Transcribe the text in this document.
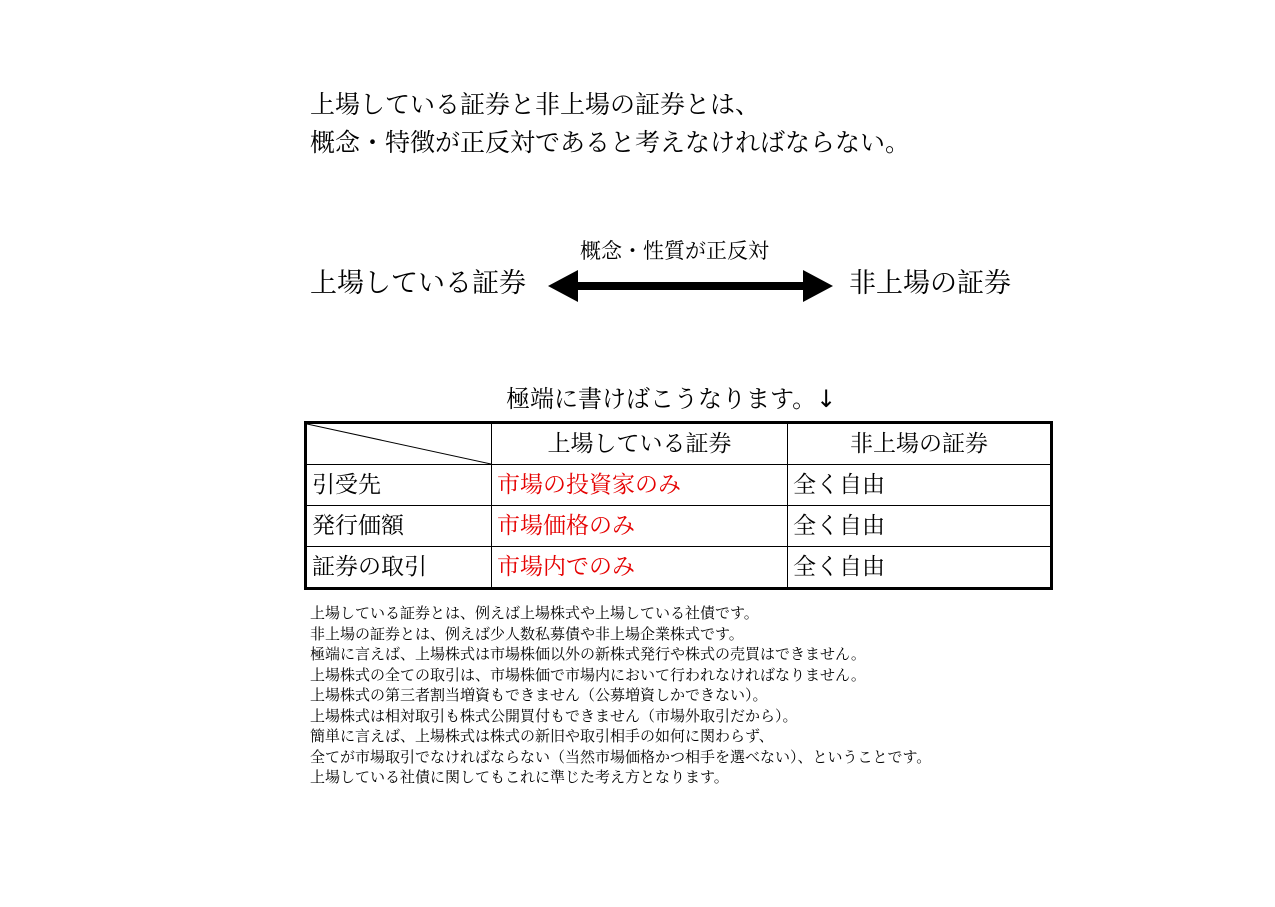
上場している証券と非上場の証券とは、
概念・特徴が正反対であると考えなければならない。
上場している証券
概念・性質が正反対
非上場の証券
極端に書けばこうなります。↓
	上場している証券	非上場の証券
引受先	市場の投資家のみ	全く自由
発行価額	市場価格のみ	全く自由
証券の取引	市場内でのみ	全く自由
上場している証券とは、例えば上場株式や上場している社債です。
非上場の証券とは、例えば少人数私募債や非上場企業株式です。
極端に言えば、上場株式は市場株価以外の新株式発行や株式の売買はできません。
上場株式の全ての取引は、市場株価で市場内において行われなければなりません。
上場株式の第三者割当増資もできません（公募増資しかできない）。
上場株式は相対取引も株式公開買付もできません（市場外取引だから）。
簡単に言えば、上場株式は株式の新旧や取引相手の如何に関わらず、
全てが市場取引でなければならない（当然市場価格かつ相手を選べない）、ということです。
上場している社債に関してもこれに準じた考え方となります。
